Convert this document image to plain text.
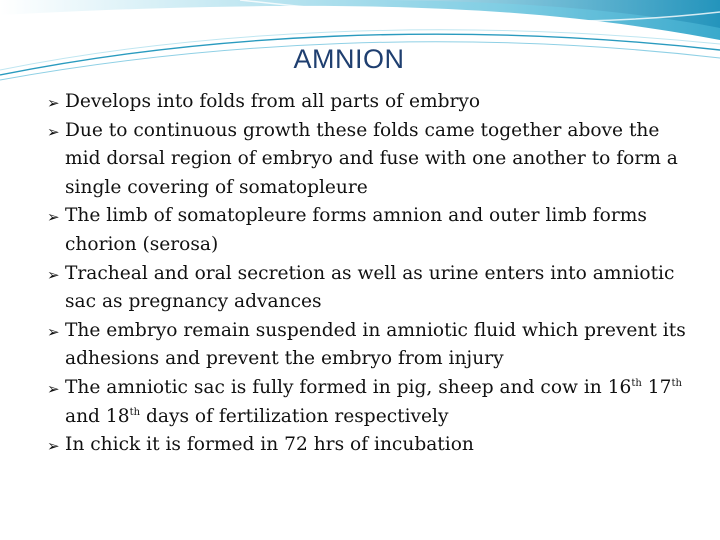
AMNION
➢ Develops into folds from all parts of embryo
➢ Due to continuous growth these folds came together above the mid dorsal region of embryo and fuse with one another to form a single covering of somatopleure
➢ The limb of somatopleure forms amnion and outer limb forms chorion (serosa)
➢ Tracheal and oral secretion as well as urine enters into amniotic sac as pregnancy advances
➢ The embryo remain suspended in amniotic fluid which prevent its adhesions and prevent the embryo from injury
➢ The amniotic sac is fully formed in pig, sheep and cow in 16th 17th and 18th days of fertilization respectively
➢ In chick it is formed in 72 hrs of incubation
